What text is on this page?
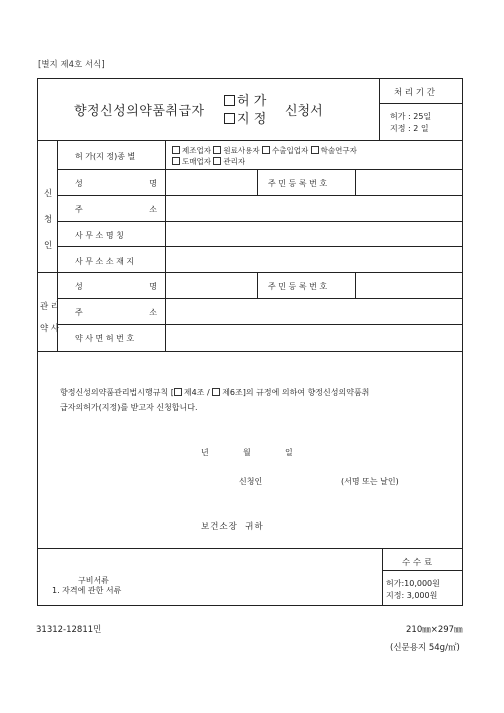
[별지 제4호 서식]
향정신성의약품취급자
허 가
지 정
신청서
처 리 기 간
허가 : 25일
지정 : 2 일
허 가(지 정)종 별
제조업자 원료사용자 수출입업자 학술연구자
도매업자 관리자
신
청
인
성	명	주 민 등 록 번 호
주	소
사 무 소 명 칭
사 무 소 소 재 지
관 리
약 사
성	명	주 민 등 록 번 호
주	소
약 사 면 허 번 호
향정신성의약품관리법시행규칙 [ 제4조 / 제6조]의 규정에 의하여 향정신성의약품취
급자의허가(지정)를 받고자 신청합니다.
년	월	일
신청인	(서명 또는 날인)
보건소장  귀하
구비서류
1. 자격에 관한 서류
수 수 료
허가:10,000원
지정: 3,000원
31312-12811민	210㎜×297㎜
(신문용지 54g/㎡)
